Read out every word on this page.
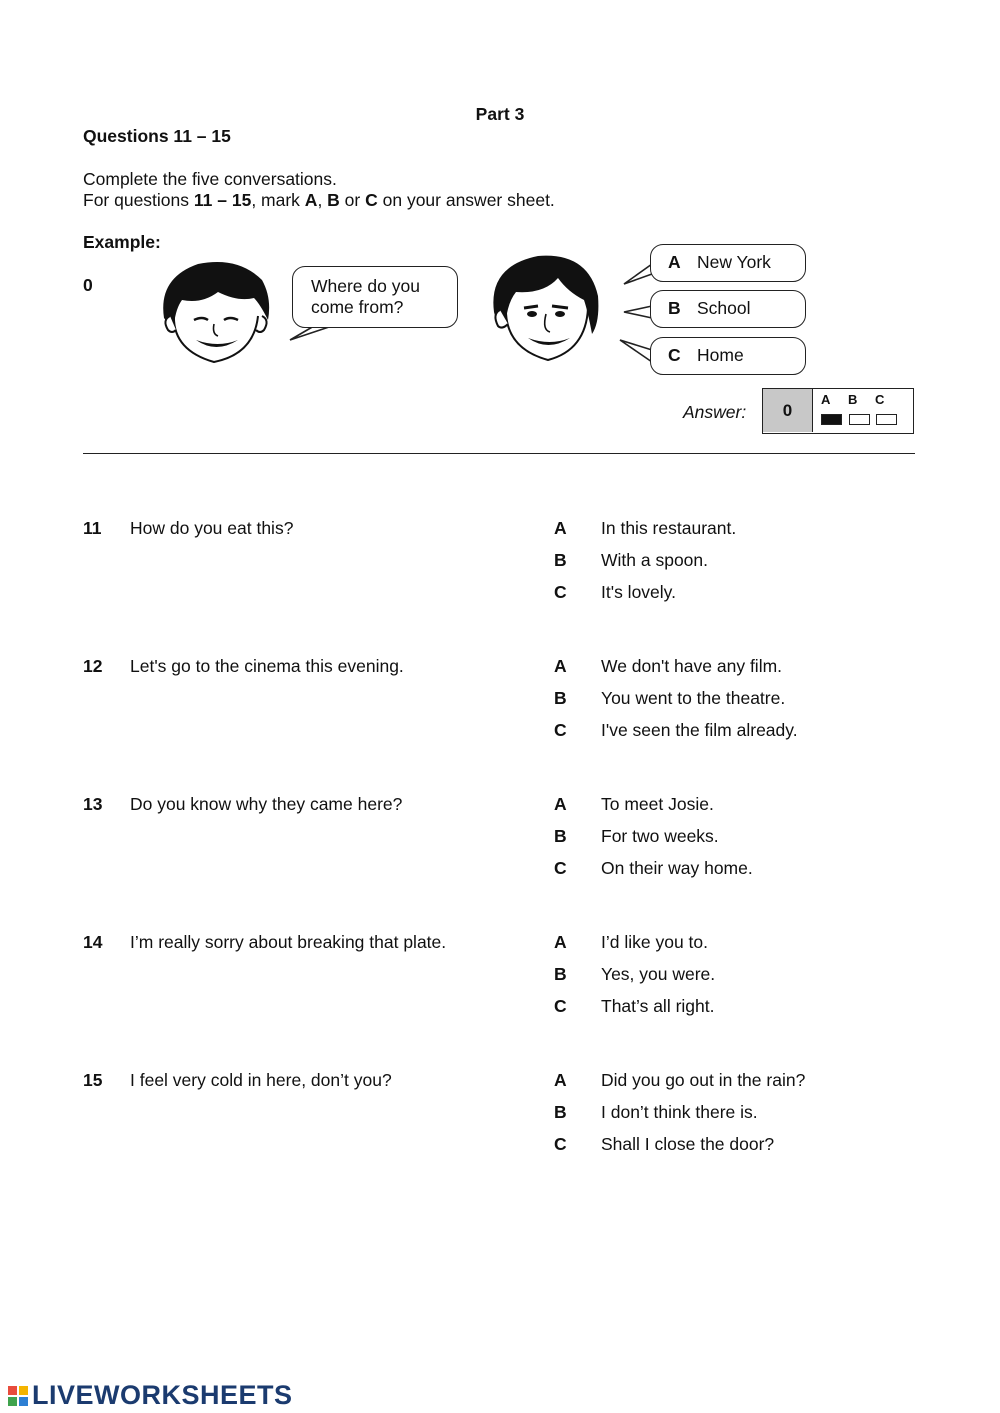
Part 3
Questions 11 – 15
Complete the five conversations.
For questions 11 – 15, mark A, B or C on your answer sheet.
Example:
0	Where do you
come from?
A New York
B School
C Home
Answer:	0
A B C
11 How do you eat this?	A In this restaurant.
B With a spoon.
C It's lovely.
12 Let's go to the cinema this evening.	A We don't have any film.
B You went to the theatre.
C I've seen the film already.
13 Do you know why they came here?	A To meet Josie.
B For two weeks.
C On their way home.
14 I’m really sorry about breaking that plate.	A I’d like you to.
B Yes, you were.
C That’s all right.
15 I feel very cold in here, don’t you?	A Did you go out in the rain?
B I don’t think there is.
C Shall I close the door?
LIVEWORKSHEETS
